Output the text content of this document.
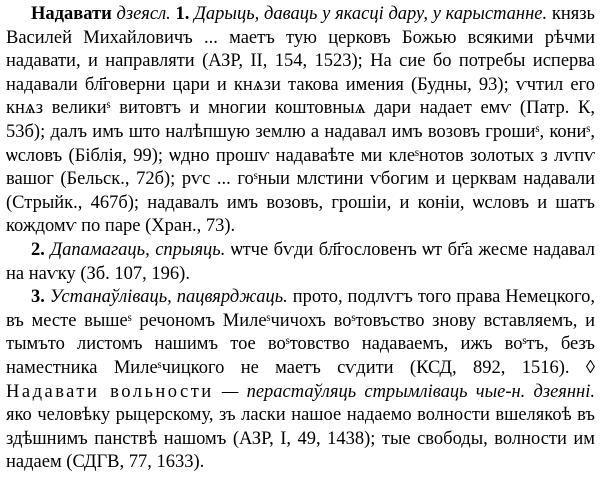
Надавати дзеясл. 1. Дарыць, даваць у якасці дару, у карыстанне. князь Василей Михайловичъ ... маетъ тую церковъ Божью всякими рѣчми надавати, и направляти (АЗР, II, 154, 1523); На сие бо потребы исперва надавали бл҃говерни цари и кнѧзи такова имения (Будны, 93); ѵчтил его кнѧз великиˢ витовтъ и многии коштовныѧ дари надает емѵ (Патр. К, 53б); далъ имъ што налѣпшую землю а надавал имъ возовъ грошиˢ, кониˢ, ѡсловъ (Біблія, 99); ѡдно прошѵ надаваѣте ми клеˢнотов золотых з лѵпѵ вашог (Бельск., 72б); рѵс ... гоˢныи млстини ѵбогим и церквам надавали (Стрыйк., 467б); надавалъ имъ возовъ, грошіи, и коніи, ѡсловъ и шатъ кождомѵ по паре (Хран., 73).

2. Дапамагаць, спрыяць. ѡтче бѵди бл҃гословенъ ѡт бг҃а жесме надавал на наѵку (Зб. 107, 196).

3. Устанаўліваць, пацвярджаць. прото, подлѵгъ того права Немецкого, въ месте вышеˢ речономъ Милеˢчичохъ воˢтовъство знову вставляемъ, и тымъто листомъ нашимъ тое воˢтовство надаваемъ, ижъ воˢтъ, безъ наместника Милеˢчицкого не маетъ сѵдити (КСД, 892, 1516). ◊ Надавати вольности — перастаўляць стрымліваць чые-н. дзеянні. яко человѣку рыцерскому, зъ ласки нашое надаемо волности вшелякоѣ въ здѣшнимъ панствѣ нашомъ (АЗР, I, 49, 1438); тые свободы, волности им надаем (СДГВ, 77, 1633).
